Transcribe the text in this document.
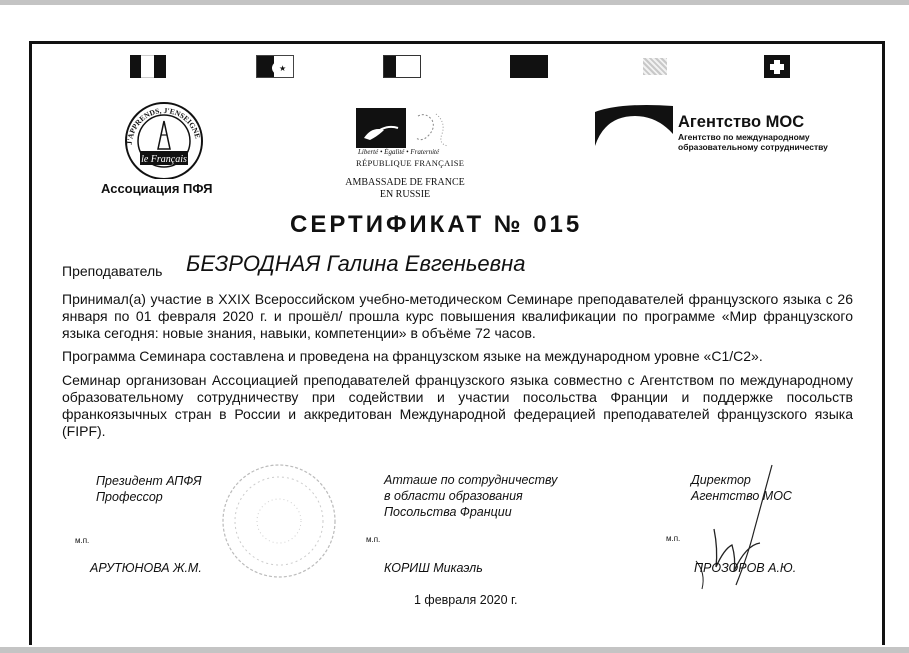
★
J'APPRENDS, J'ENSEIGNE
le Français
Ассоциация ПФЯ
Liberté • Égalité • Fraternité
RÉPUBLIQUE FRANÇAISE
AMBASSADE DE FRANCE
EN RUSSIE
Агентство МОС
Агентство по международному
образовательному сотрудничеству
СЕРТИФИКАТ № 015
Преподаватель БЕЗРОДНАЯ Галина Евгеньевна
Принимал(а) участие в XXIX Всероссийском учебно-методическом Семинаре преподавателей французского языка с 26 января по 01 февраля 2020 г. и прошёл/ прошла курс повышения квалификации по программе «Мир французского языка сегодня: новые знания, навыки, компетенции» в объёме 72 часов.
Программа Семинара составлена и проведена на французском языке на международном уровне «С1/С2».
Семинар организован Ассоциацией преподавателей французского языка совместно с Агентством по международному образовательному сотрудничеству при содействии и участии посольства Франции и поддержке посольств франкоязычных стран в России и аккредитован Международной федерацией преподавателей французского языка (FIPF).
Президент АПФЯ
Профессор
м.п.
АРУТЮНОВА Ж.М.
Атташе по сотрудничеству
в области образования
Посольства Франции
м.п.
КОРИШ Микаэль
Директор
Агентство МОС
м.п.
ПРОЗОРОВ А.Ю.
1 февраля 2020 г.
